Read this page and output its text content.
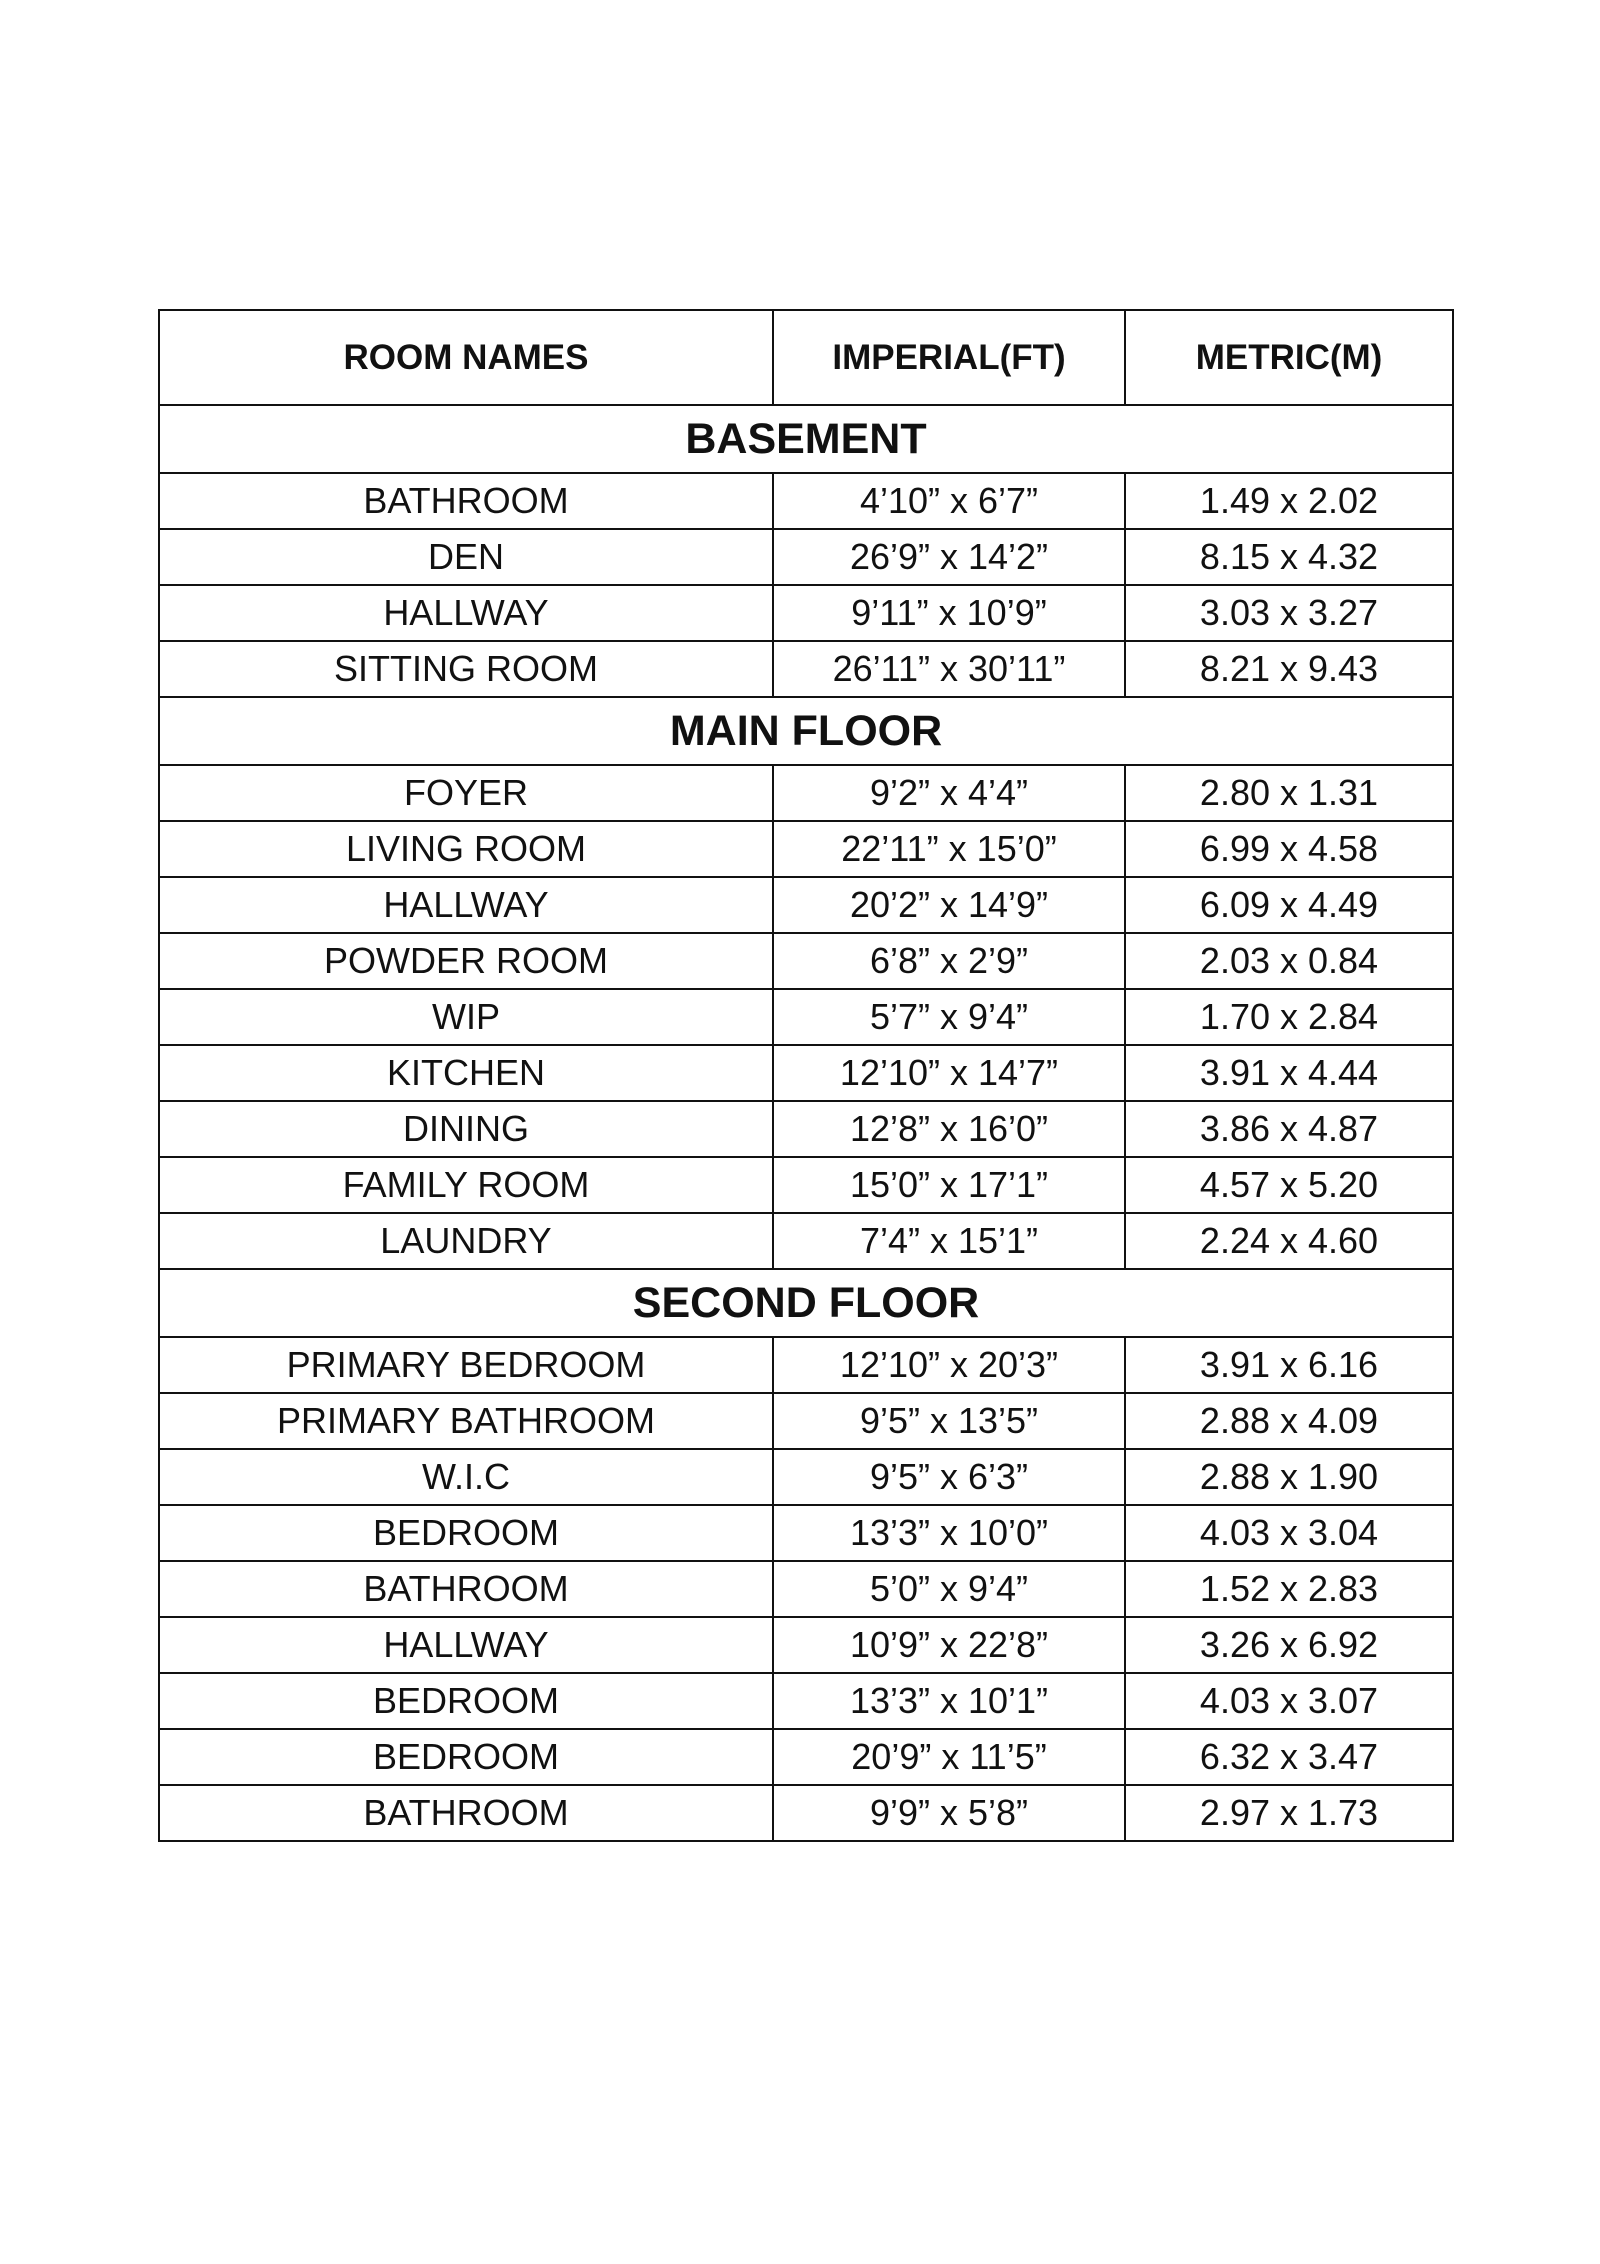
ROOM NAMES	IMPERIAL(FT)	METRIC(M)
BASEMENT		
BATHROOM	4’10” x 6’7”	1.49 x 2.02
DEN	26’9” x 14’2”	8.15 x 4.32
HALLWAY	9’11” x 10’9”	3.03 x 3.27
SITTING ROOM	26’11” x 30’11”	8.21 x 9.43
MAIN FLOOR		
FOYER	9’2” x 4’4”	2.80 x 1.31
LIVING ROOM	22’11” x 15’0”	6.99 x 4.58
HALLWAY	20’2” x 14’9”	6.09 x 4.49
POWDER ROOM	6’8” x 2’9”	2.03 x 0.84
WIP	5’7” x 9’4”	1.70 x 2.84
KITCHEN	12’10” x 14’7”	3.91 x 4.44
DINING	12’8” x 16’0”	3.86 x 4.87
FAMILY ROOM	15’0” x 17’1”	4.57 x 5.20
LAUNDRY	7’4” x 15’1”	2.24 x 4.60
SECOND FLOOR		
PRIMARY BEDROOM	12’10” x 20’3”	3.91 x 6.16
PRIMARY BATHROOM	9’5” x 13’5”	2.88 x 4.09
W.I.C	9’5” x 6’3”	2.88 x 1.90
BEDROOM	13’3” x 10’0”	4.03 x 3.04
BATHROOM	5’0” x 9’4”	1.52 x 2.83
HALLWAY	10’9” x 22’8”	3.26 x 6.92
BEDROOM	13’3” x 10’1”	4.03 x 3.07
BEDROOM	20’9” x 11’5”	6.32 x 3.47
BATHROOM	9’9” x 5’8”	2.97 x 1.73
